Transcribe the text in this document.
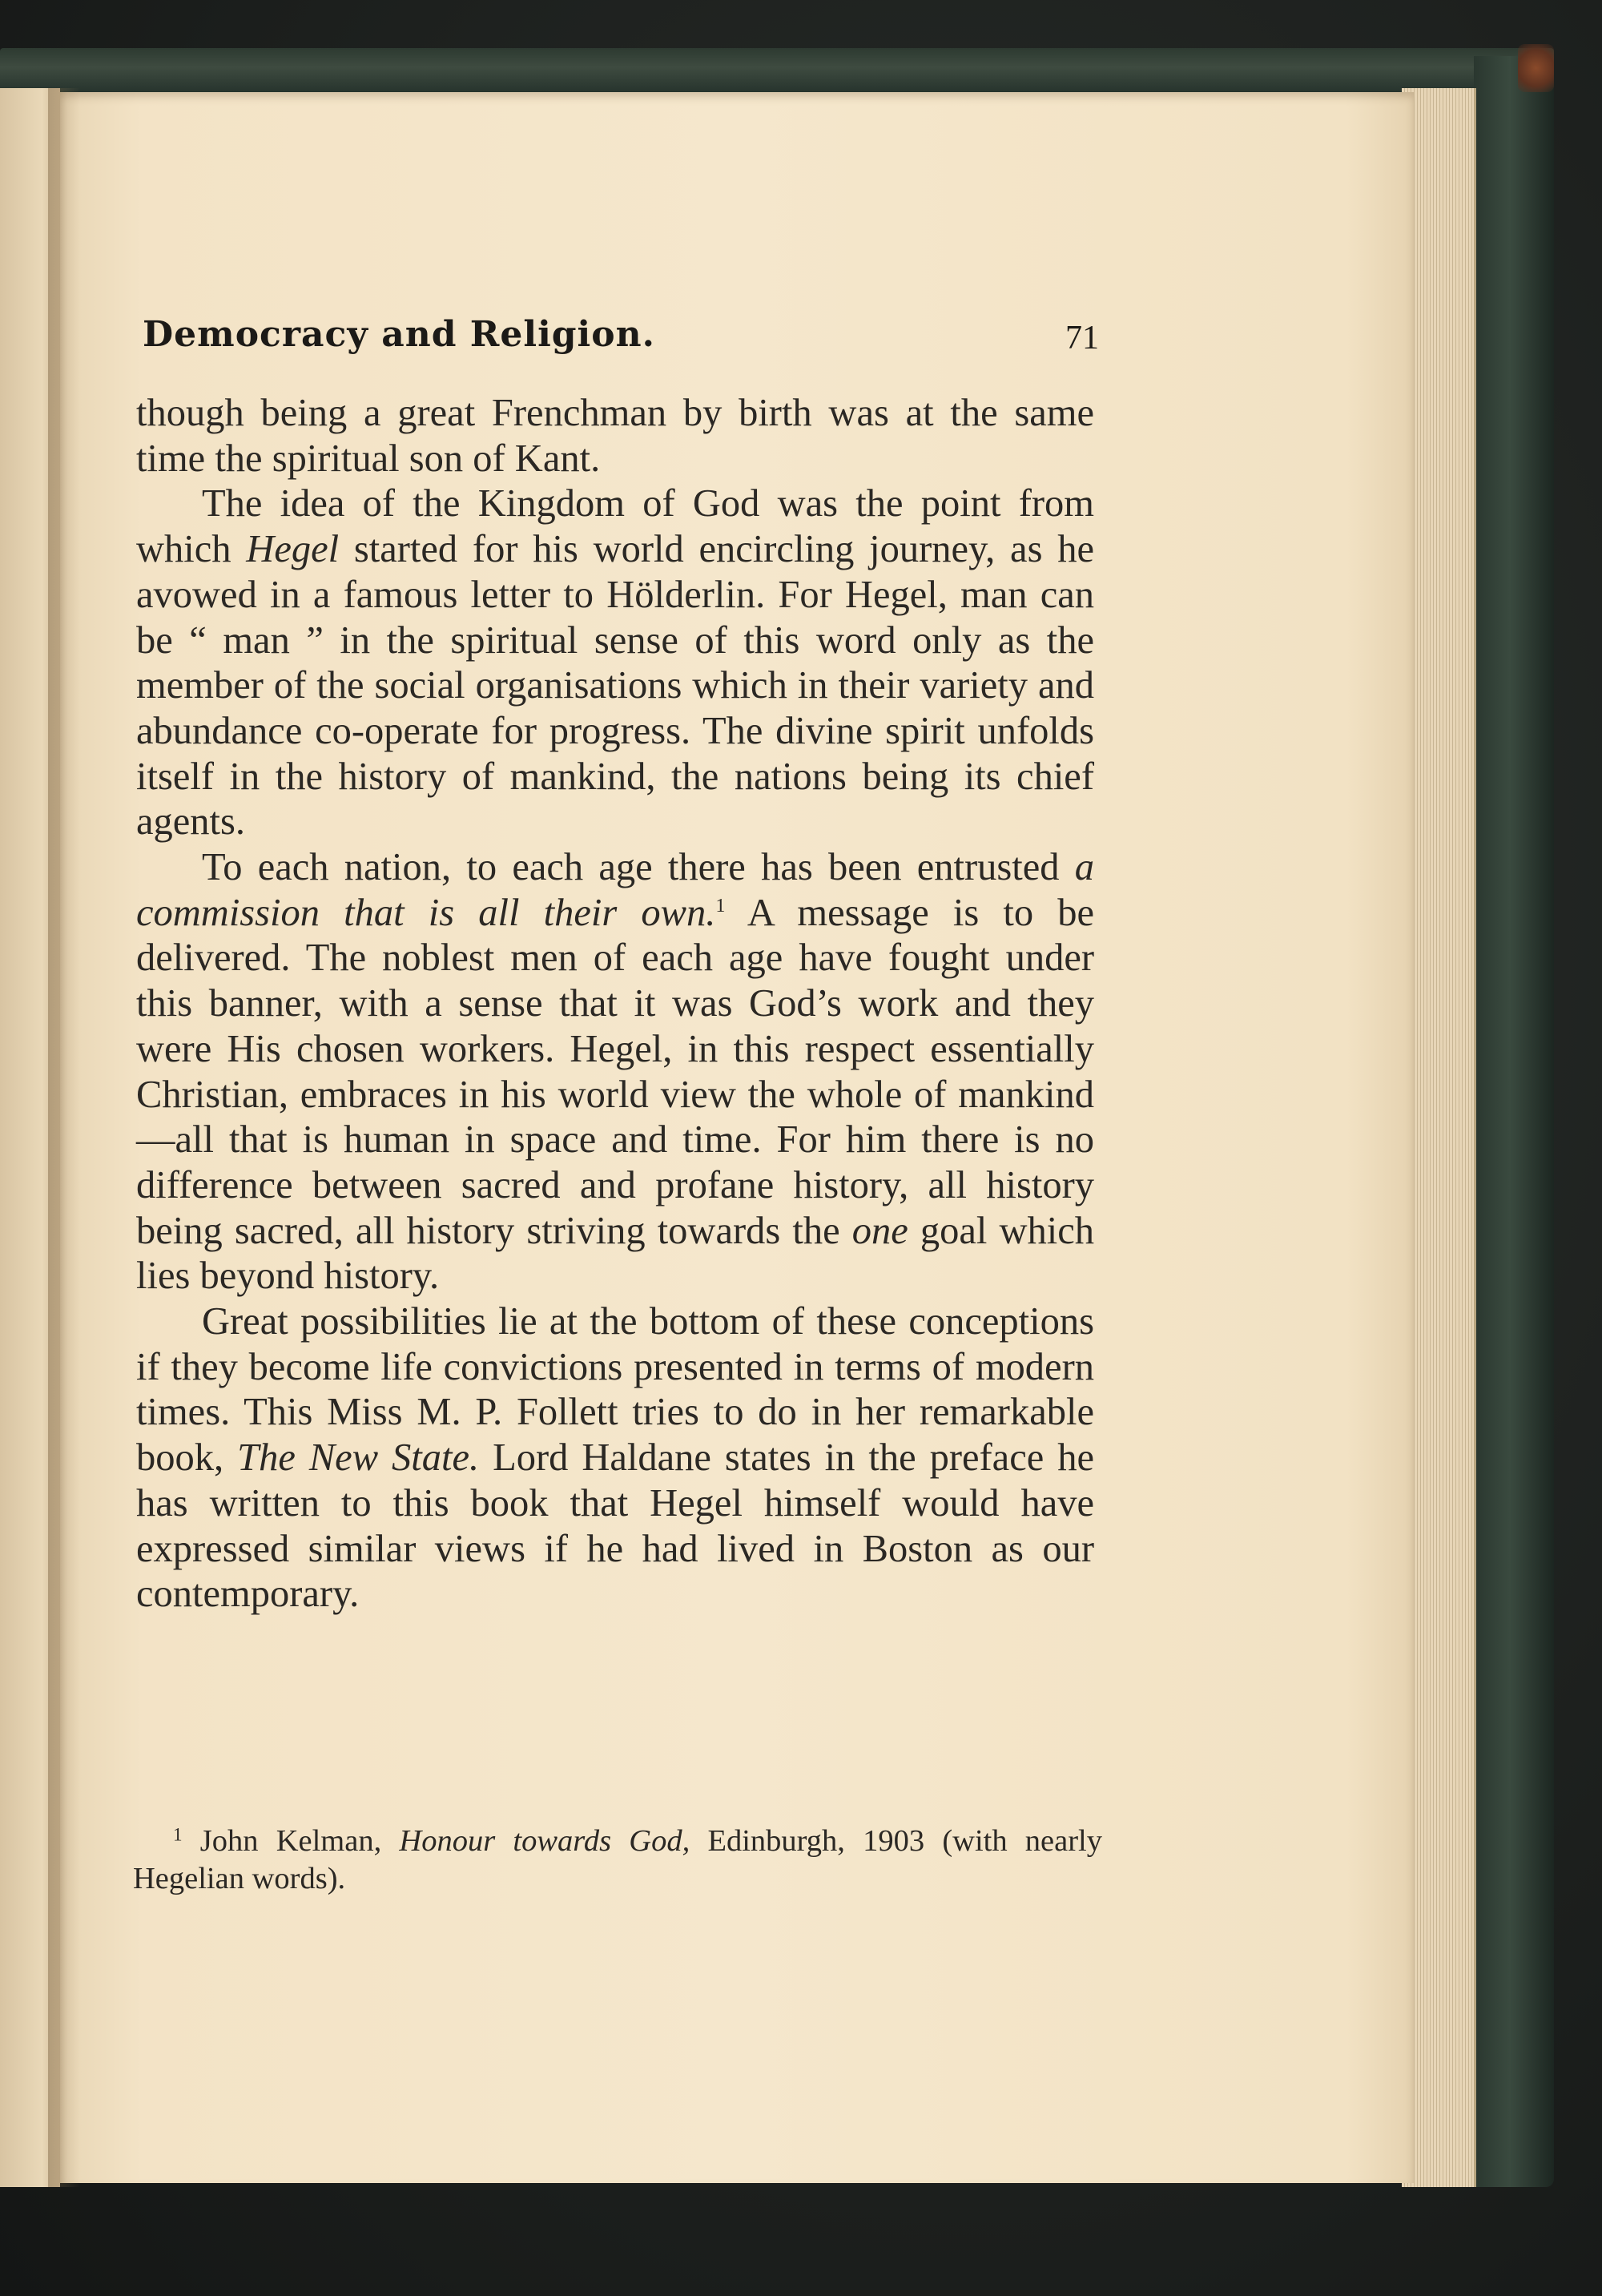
Democracy and Religion.	71

though being a great Frenchman by birth was at the same time the spiritual son of Kant.

The idea of the Kingdom of God was the point from which Hegel started for his world encircling journey, as he avowed in a famous letter to Hölderlin. For Hegel, man can be “ man ” in the spiritual sense of this word only as the member of the social organisations which in their variety and abundance co-operate for progress. The divine spirit unfolds itself in the history of mankind, the nations being its chief agents.

To each nation, to each age there has been entrusted a commission that is all their own.$^1$ A message is to be delivered. The noblest men of each age have fought under this banner, with a sense that it was God’s work and they were His chosen workers. Hegel, in this respect essentially Christian, embraces in his world view the whole of mankind—all that is human in space and time. For him there is no difference between sacred and profane history, all history being sacred, all history striving towards the one goal which lies beyond history.

Great possibilities lie at the bottom of these conceptions if they become life convictions presented in terms of modern times. This Miss M. P. Follett tries to do in her remarkable book, The New State. Lord Haldane states in the preface he has written to this book that Hegel himself would have expressed similar views if he had lived in Boston as our contemporary.

$^1$ John Kelman, Honour towards God, Edinburgh, 1903 (with nearly Hegelian words).
